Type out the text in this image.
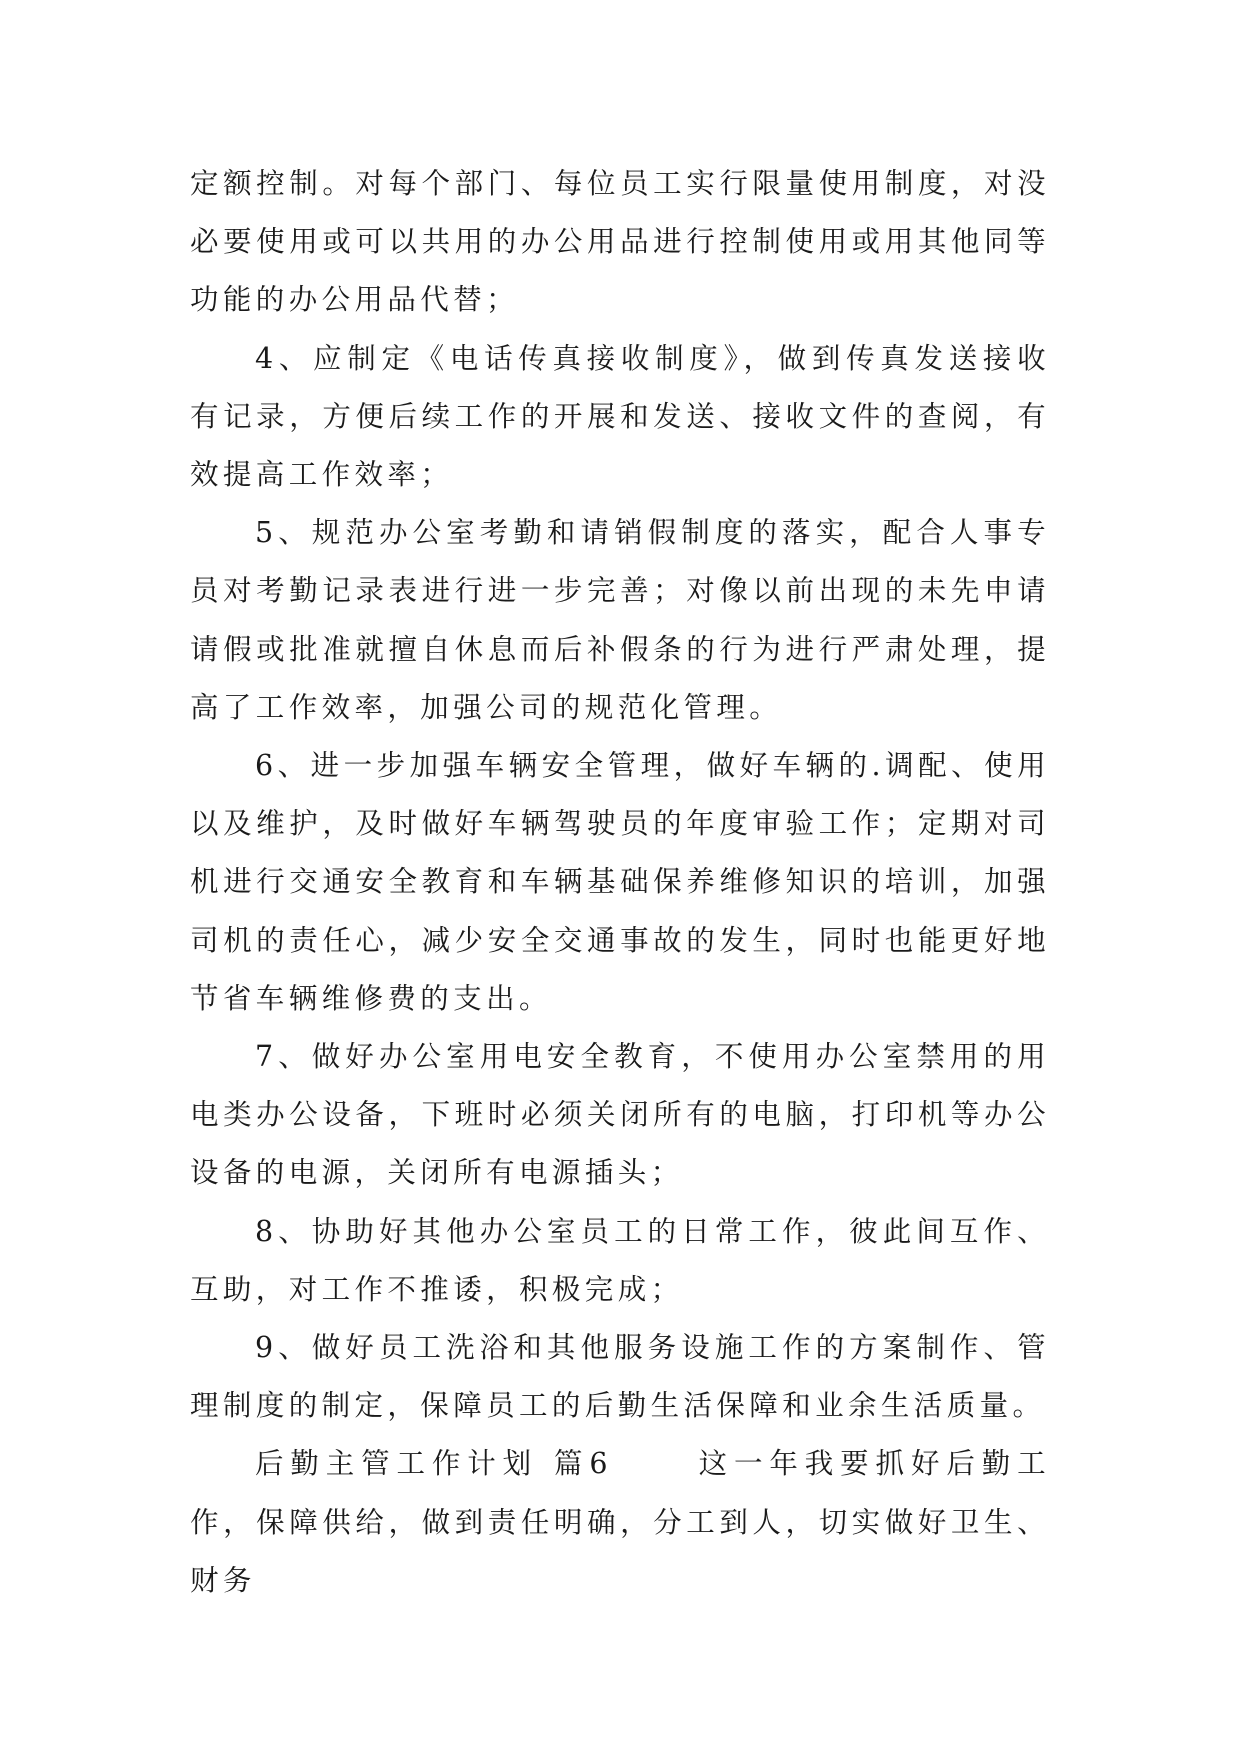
定额控制。对每个部门、每位员工实行限量使用制度，对没必要使用或可以共用的办公用品进行控制使用或用其他同等功能的办公用品代替；

4、应制定《电话传真接收制度》，做到传真发送接收有记录，方便后续工作的开展和发送、接收文件的查阅，有效提高工作效率；

5、规范办公室考勤和请销假制度的落实，配合人事专员对考勤记录表进行进一步完善；对像以前出现的未先申请请假或批准就擅自休息而后补假条的行为进行严肃处理，提高了工作效率，加强公司的规范化管理。

6、进一步加强车辆安全管理，做好车辆的.调配、使用以及维护，及时做好车辆驾驶员的年度审验工作；定期对司机进行交通安全教育和车辆基础保养维修知识的培训，加强司机的责任心，减少安全交通事故的发生，同时也能更好地节省车辆维修费的支出。

7、做好办公室用电安全教育，不使用办公室禁用的用电类办公设备，下班时必须关闭所有的电脑，打印机等办公设备的电源，关闭所有电源插头；

8、协助好其他办公室员工的日常工作，彼此间互作、互助，对工作不推诿，积极完成；

9、做好员工洗浴和其他服务设施工作的方案制作、管理制度的制定，保障员工的后勤生活保障和业余生活质量。

后勤主管工作计划 篇6 　　这一年我要抓好后勤工作，保障供给，做到责任明确，分工到人，切实做好卫生、财务
